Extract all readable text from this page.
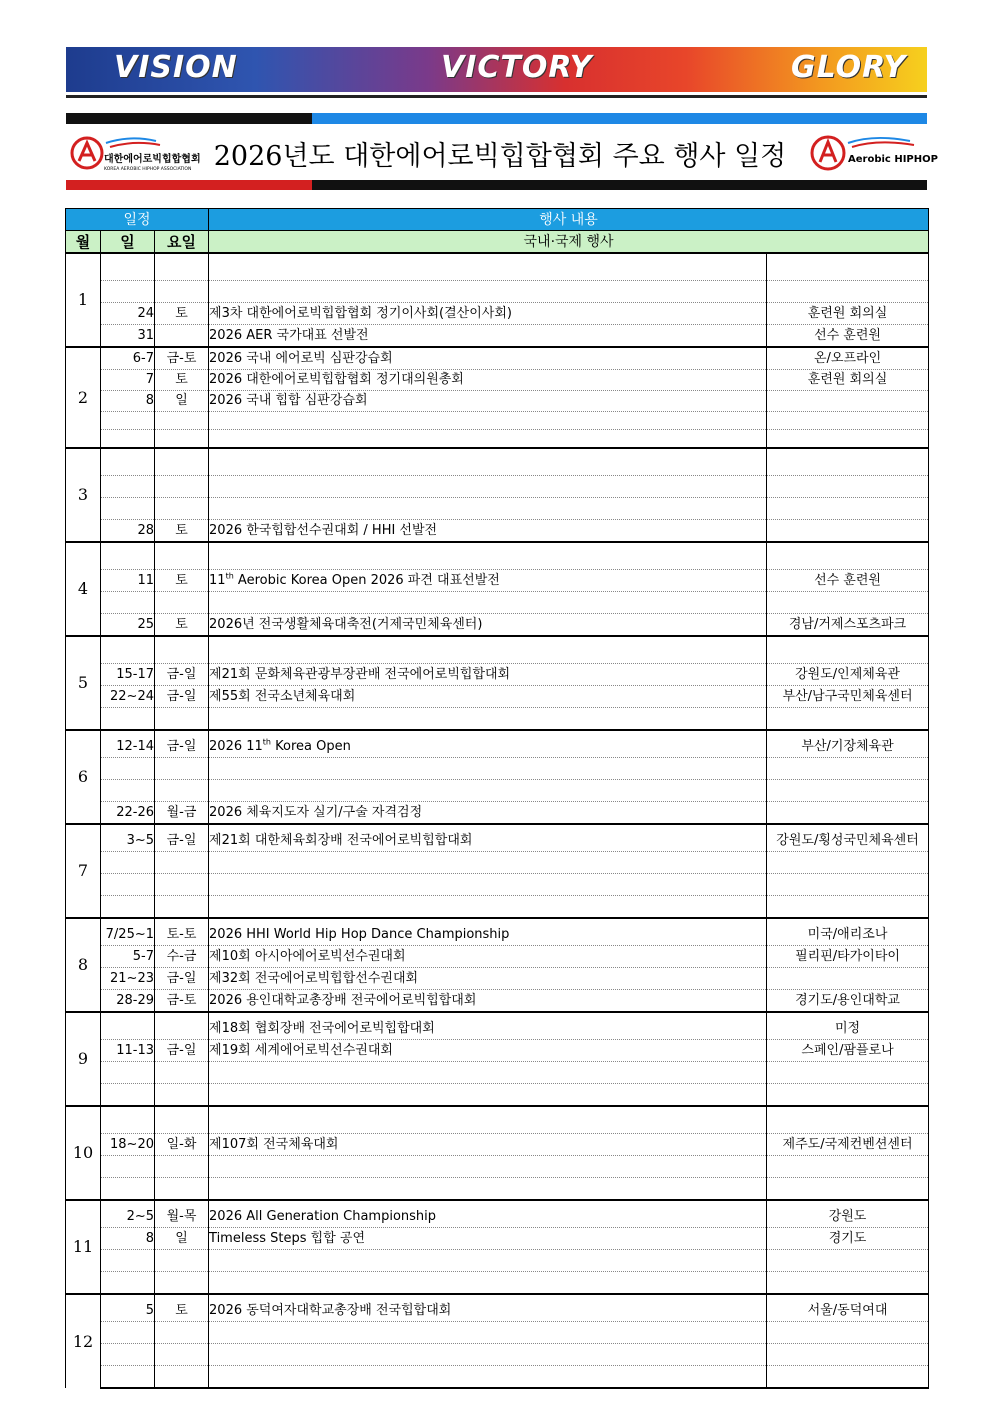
VISION	VICTORY	GLORY
대한에어로빅힙합협회
KOREA AEROBIC HIPHOP ASSOCIATION 2026년도 대한에어로빅힙합협회 주요 행사 일정	Aerobic HIPHOP
일정			행사 내용	
월	일	요일	국내·국제 행사	
1				

	24	토	제3차 대한에어로빅힙합협회 정기이사회(결산이사회)	훈련원 회의실
	31		2026 AER 국가대표 선발전	선수 훈련원
2	6-7	금-토	2026 국내 에어로빅 심판강습회	온/오프라인
	7	토	2026 대한에어로빅힙합협회 정기대의원총회	훈련원 회의실
	8	일	2026 국내 힙합 심판강습회	

3				

	28	토	2026 한국힙합선수권대회 / HHI 선발전	
4				
	11	토	11th Aerobic Korea Open 2026 파견 대표선발전	선수 훈련원

	25	토	2026년 전국생활체육대축전(거제국민체육센터)	경남/거제스포츠파크
5				
	15-17	금-일	제21회 문화체육관광부장관배 전국에어로빅힙합대회	강원도/인제체육관
	22~24	금-일	제55회 전국소년체육대회	부산/남구국민체육센터

6	12-14	금-일	2026 11th Korea Open	부산/기장체육관

	22-26	월-금	2026 체육지도자 실기/구술 자격검정	
7	3~5	금-일	제21회 대한체육회장배 전국에어로빅힙합대회	강원도/횡성국민체육센터

8	7/25~1	토-토	2026 HHI World Hip Hop Dance Championship	미국/애리조나
	5-7	수-금	제10회 아시아에어로빅선수권대회	필리핀/타가이타이
	21~23	금-일	제32회 전국에어로빅힙합선수권대회	
	28-29	금-토	2026 용인대학교총장배 전국에어로빅힙합대회	경기도/용인대학교
9			제18회 협회장배 전국에어로빅힙합대회	미정
	11-13	금-일	제19회 세계에어로빅선수권대회	스페인/팜플로나

10				
	18~20	일-화	제107회 전국체육대회	제주도/국제컨벤션센터

11	2~5	월-목	2026 All Generation Championship	강원도
	8	일	Timeless Steps 힙합 공연	경기도

12	5	토	2026 동덕여자대학교총장배 전국힙합대회	서울/동덕여대
